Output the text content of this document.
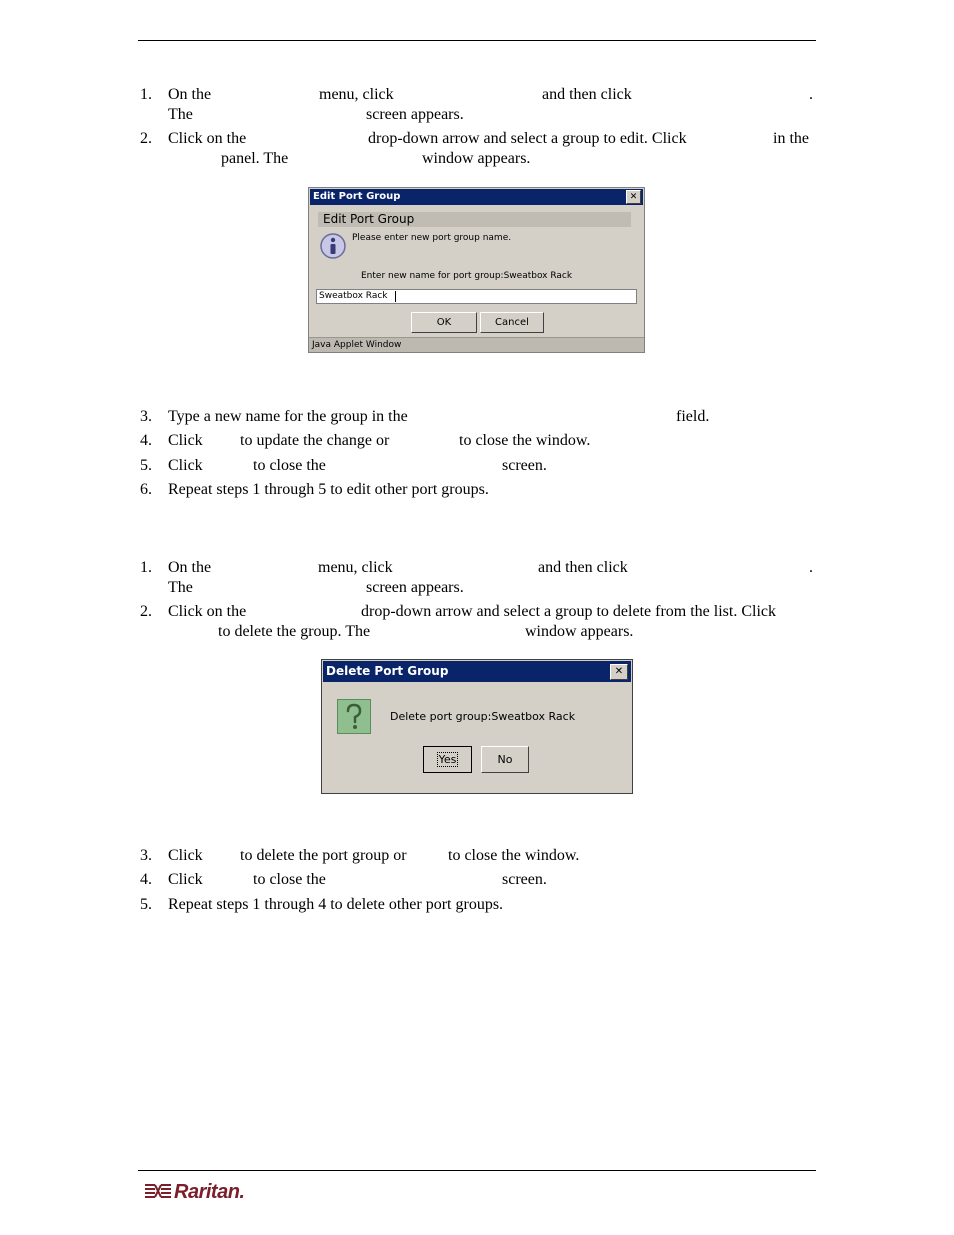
1. On the	menu, click	and then click	.
The	screen appears.
2. Click on the	drop-down arrow and select a group to edit. Click	in the
panel. The	window appears.
Edit Port Group	✕
Edit Port Group
Please enter new port group name.
Enter new name for port group:Sweatbox Rack
Sweatbox Rack
OK	Cancel
Java Applet Window
3. Type a new name for the group in the	field.
4. Click to update the change or	to close the window.
5. Click	to close the	screen.
6. Repeat steps 1 through 5 to edit other port groups.
1. On the	menu, click	and then click	.
The	screen appears.
2. Click on the	drop-down arrow and select a group to delete from the list. Click
to delete the group. The	window appears.
Delete Port Group	✕
Delete port group:Sweatbox Rack
Yes	No
3. Click to delete the port group or	to close the window.
4. Click	to close the	screen.
5. Repeat steps 1 through 4 to delete other port groups.
Raritan.
